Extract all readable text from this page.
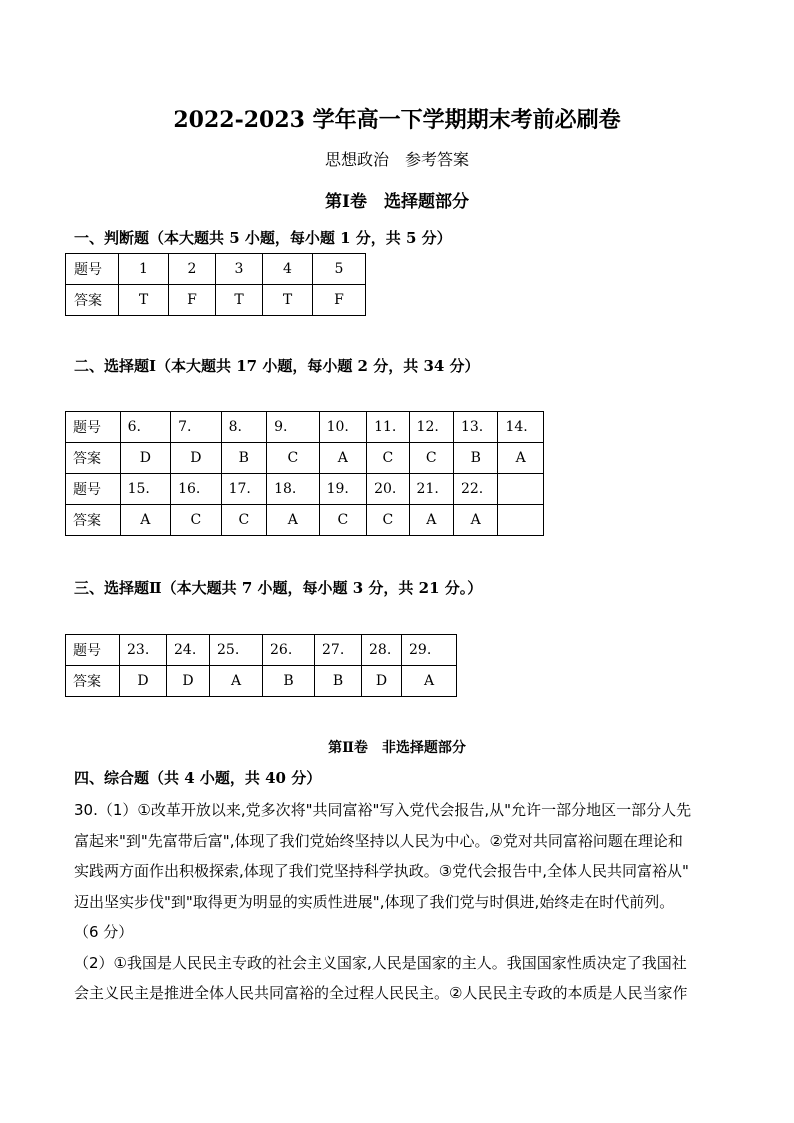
2022-2023 学年高一下学期期末考前必刷卷
思想政治　参考答案
第Ⅰ卷　选择题部分
一、判断题（本大题共 5 小题，每小题 1 分，共 5 分）
题号	1	2	3	4	5
答案	T	F	T	T	F
二、选择题Ⅰ（本大题共 17 小题，每小题 2 分，共 34 分）
题号	6.	7.	8.	9.	10.	11.	12.	13.	14.
答案	D	D	B	C	A	C	C	B	A
题号	15.	16.	17.	18.	19.	20.	21.	22.	
答案	A	C	C	A	C	C	A	A	
三、选择题Ⅱ（本大题共 7 小题，每小题 3 分，共 21 分。）
题号	23.	24.	25.	26.	27.	28.	29.
答案	D	D	A	B	B	D	A
第Ⅱ卷　非选择题部分
四、综合题（共 4 小题，共 40 分）
30.（1）①改革开放以来,党多次将"共同富裕"写入党代会报告,从"允许一部分地区一部分人先
富起来"到"先富带后富",体现了我们党始终坚持以人民为中心。②党对共同富裕问题在理论和
实践两方面作出积极探索,体现了我们党坚持科学执政。③党代会报告中,全体人民共同富裕从"
迈出坚实步伐"到"取得更为明显的实质性进展",体现了我们党与时俱进,始终走在时代前列。
（6 分）
（2）①我国是人民民主专政的社会主义国家,人民是国家的主人。我国国家性质决定了我国社
会主义民主是推进全体人民共同富裕的全过程人民民主。②人民民主专政的本质是人民当家作
